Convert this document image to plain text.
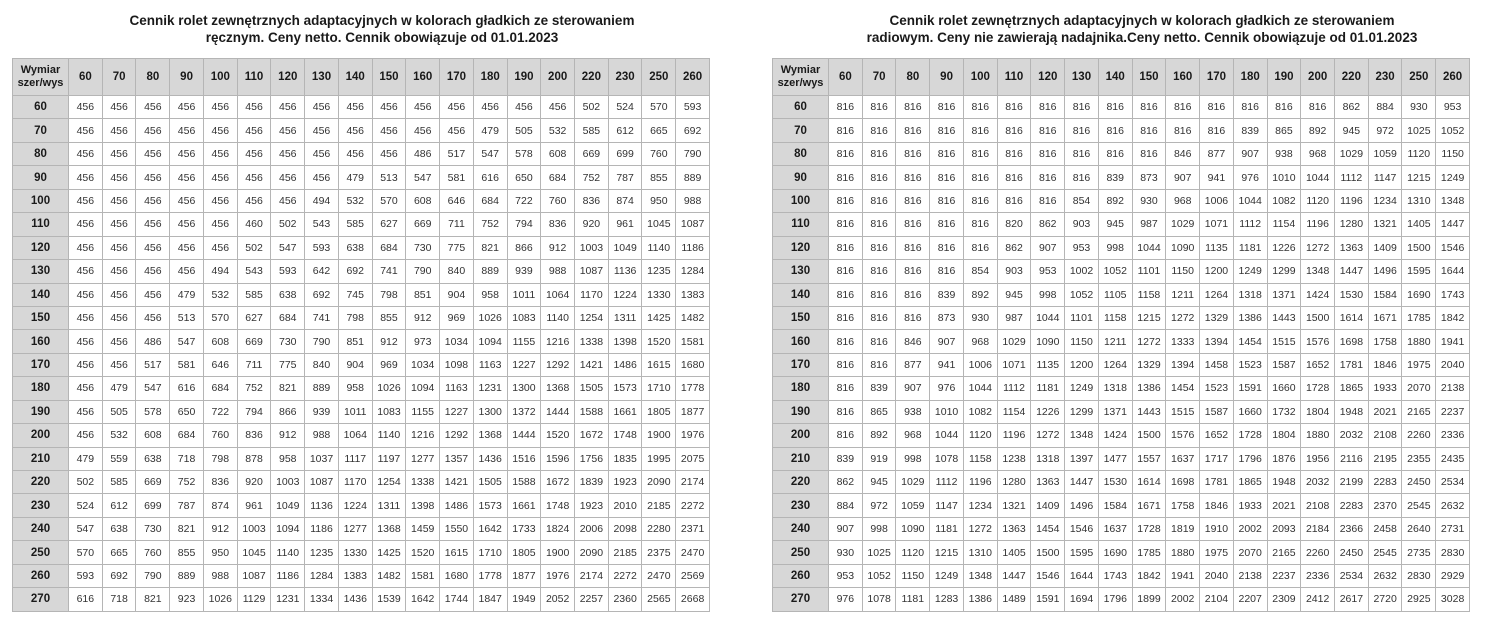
Cennik rolet zewnętrznych adaptacyjnych w kolorach gładkich ze sterowaniem
ręcznym. Ceny netto. Cennik obowiązuje od 01.01.2023
Wymiar
szer/wys	60	70	80	90	100	110	120	130	140	150	160	170	180	190	200	220	230	250	260
60	456	456	456	456	456	456	456	456	456	456	456	456	456	456	456	502	524	570	593
70	456	456	456	456	456	456	456	456	456	456	456	456	479	505	532	585	612	665	692
80	456	456	456	456	456	456	456	456	456	456	486	517	547	578	608	669	699	760	790
90	456	456	456	456	456	456	456	456	479	513	547	581	616	650	684	752	787	855	889
100	456	456	456	456	456	456	456	494	532	570	608	646	684	722	760	836	874	950	988
110	456	456	456	456	456	460	502	543	585	627	669	711	752	794	836	920	961	1045	1087
120	456	456	456	456	456	502	547	593	638	684	730	775	821	866	912	1003	1049	1140	1186
130	456	456	456	456	494	543	593	642	692	741	790	840	889	939	988	1087	1136	1235	1284
140	456	456	456	479	532	585	638	692	745	798	851	904	958	1011	1064	1170	1224	1330	1383
150	456	456	456	513	570	627	684	741	798	855	912	969	1026	1083	1140	1254	1311	1425	1482
160	456	456	486	547	608	669	730	790	851	912	973	1034	1094	1155	1216	1338	1398	1520	1581
170	456	456	517	581	646	711	775	840	904	969	1034	1098	1163	1227	1292	1421	1486	1615	1680
180	456	479	547	616	684	752	821	889	958	1026	1094	1163	1231	1300	1368	1505	1573	1710	1778
190	456	505	578	650	722	794	866	939	1011	1083	1155	1227	1300	1372	1444	1588	1661	1805	1877
200	456	532	608	684	760	836	912	988	1064	1140	1216	1292	1368	1444	1520	1672	1748	1900	1976
210	479	559	638	718	798	878	958	1037	1117	1197	1277	1357	1436	1516	1596	1756	1835	1995	2075
220	502	585	669	752	836	920	1003	1087	1170	1254	1338	1421	1505	1588	1672	1839	1923	2090	2174
230	524	612	699	787	874	961	1049	1136	1224	1311	1398	1486	1573	1661	1748	1923	2010	2185	2272
240	547	638	730	821	912	1003	1094	1186	1277	1368	1459	1550	1642	1733	1824	2006	2098	2280	2371
250	570	665	760	855	950	1045	1140	1235	1330	1425	1520	1615	1710	1805	1900	2090	2185	2375	2470
260	593	692	790	889	988	1087	1186	1284	1383	1482	1581	1680	1778	1877	1976	2174	2272	2470	2569
270	616	718	821	923	1026	1129	1231	1334	1436	1539	1642	1744	1847	1949	2052	2257	2360	2565	2668
Cennik rolet zewnętrznych adaptacyjnych w kolorach gładkich ze sterowaniem
radiowym. Ceny nie zawierają nadajnika.Ceny netto. Cennik obowiązuje od 01.01.2023
Wymiar
szer/wys	60	70	80	90	100	110	120	130	140	150	160	170	180	190	200	220	230	250	260
60	816	816	816	816	816	816	816	816	816	816	816	816	816	816	816	862	884	930	953
70	816	816	816	816	816	816	816	816	816	816	816	816	839	865	892	945	972	1025	1052
80	816	816	816	816	816	816	816	816	816	816	846	877	907	938	968	1029	1059	1120	1150
90	816	816	816	816	816	816	816	816	839	873	907	941	976	1010	1044	1112	1147	1215	1249
100	816	816	816	816	816	816	816	854	892	930	968	1006	1044	1082	1120	1196	1234	1310	1348
110	816	816	816	816	816	820	862	903	945	987	1029	1071	1112	1154	1196	1280	1321	1405	1447
120	816	816	816	816	816	862	907	953	998	1044	1090	1135	1181	1226	1272	1363	1409	1500	1546
130	816	816	816	816	854	903	953	1002	1052	1101	1150	1200	1249	1299	1348	1447	1496	1595	1644
140	816	816	816	839	892	945	998	1052	1105	1158	1211	1264	1318	1371	1424	1530	1584	1690	1743
150	816	816	816	873	930	987	1044	1101	1158	1215	1272	1329	1386	1443	1500	1614	1671	1785	1842
160	816	816	846	907	968	1029	1090	1150	1211	1272	1333	1394	1454	1515	1576	1698	1758	1880	1941
170	816	816	877	941	1006	1071	1135	1200	1264	1329	1394	1458	1523	1587	1652	1781	1846	1975	2040
180	816	839	907	976	1044	1112	1181	1249	1318	1386	1454	1523	1591	1660	1728	1865	1933	2070	2138
190	816	865	938	1010	1082	1154	1226	1299	1371	1443	1515	1587	1660	1732	1804	1948	2021	2165	2237
200	816	892	968	1044	1120	1196	1272	1348	1424	1500	1576	1652	1728	1804	1880	2032	2108	2260	2336
210	839	919	998	1078	1158	1238	1318	1397	1477	1557	1637	1717	1796	1876	1956	2116	2195	2355	2435
220	862	945	1029	1112	1196	1280	1363	1447	1530	1614	1698	1781	1865	1948	2032	2199	2283	2450	2534
230	884	972	1059	1147	1234	1321	1409	1496	1584	1671	1758	1846	1933	2021	2108	2283	2370	2545	2632
240	907	998	1090	1181	1272	1363	1454	1546	1637	1728	1819	1910	2002	2093	2184	2366	2458	2640	2731
250	930	1025	1120	1215	1310	1405	1500	1595	1690	1785	1880	1975	2070	2165	2260	2450	2545	2735	2830
260	953	1052	1150	1249	1348	1447	1546	1644	1743	1842	1941	2040	2138	2237	2336	2534	2632	2830	2929
270	976	1078	1181	1283	1386	1489	1591	1694	1796	1899	2002	2104	2207	2309	2412	2617	2720	2925	3028
